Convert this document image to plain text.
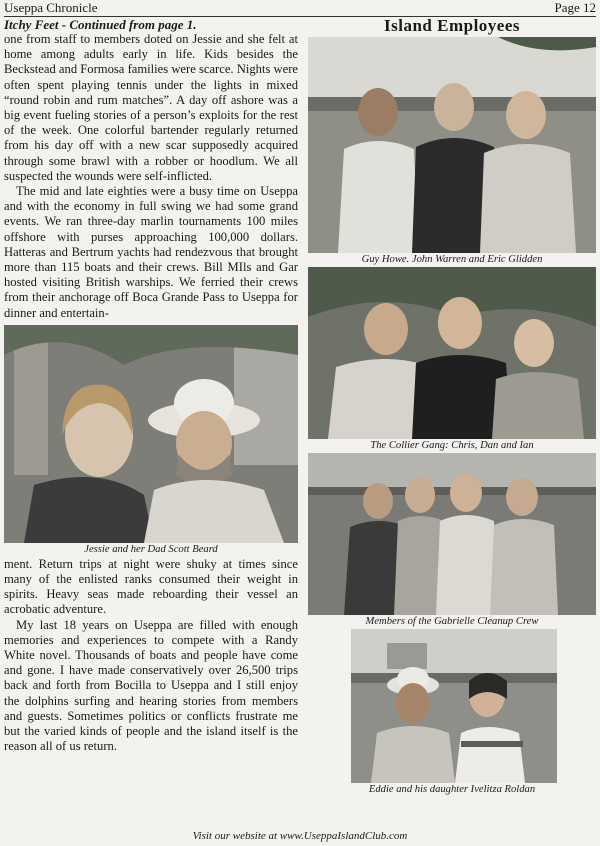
Useppa Chronicle	Page 12
Itchy Feet - Continued from page 1.

one from staff to members doted on Jessie and she felt at home among adults early in life. Kids besides the Beckstead and Formosa families were scarce. Nights were often spent playing tennis under the lights in mixed “round robin and rum matches”. A day off ashore was a big event fueling stories of a person’s exploits for the rest of the week. One colorful bartender regularly returned from his day off with a new scar supposedly acquired through some brawl with a robber or hoodlum. We all suspected the wounds were self-inflicted.

The mid and late eighties were a busy time on Useppa and with the economy in full swing we had some grand events. We ran three-day marlin tournaments 100 miles offshore with purses approaching 100,000 dollars. Hatteras and Bertrum yachts had rendezvous that brought more than 115 boats and their crews. Bill MIls and Gar hosted visiting British warships. We ferried their crews from their anchorage off Boca Grande Pass to Useppa for dinner and entertain-

Jessie and her Dad Scott Beard

ment. Return trips at night were shuky at times since many of the enlisted ranks consumed their weight in spirits. Heavy seas made reboarding their vessel an acrobatic adventure.

My last 18 years on Useppa are filled with enough memories and experiences to compete with a Randy White novel. Thousands of boats and people have come and gone. I have made conservatively over 26,500 trips back and forth from Bocilla to Useppa and I still enjoy the dolphins surfing and hearing stories from members and guests. Sometimes politics or conflicts frustrate me but the varied kinds of people and the island itself is the reason all of us return.

Island Employees
Guy Howe. John Warren and Eric Glidden
The Collier Gang: Chris, Dan and Ian
Members of the Gabrielle Cleanup Crew
Eddie and his daughter Ivelitza Roldan
Visit our website at www.UseppaIslandClub.com
